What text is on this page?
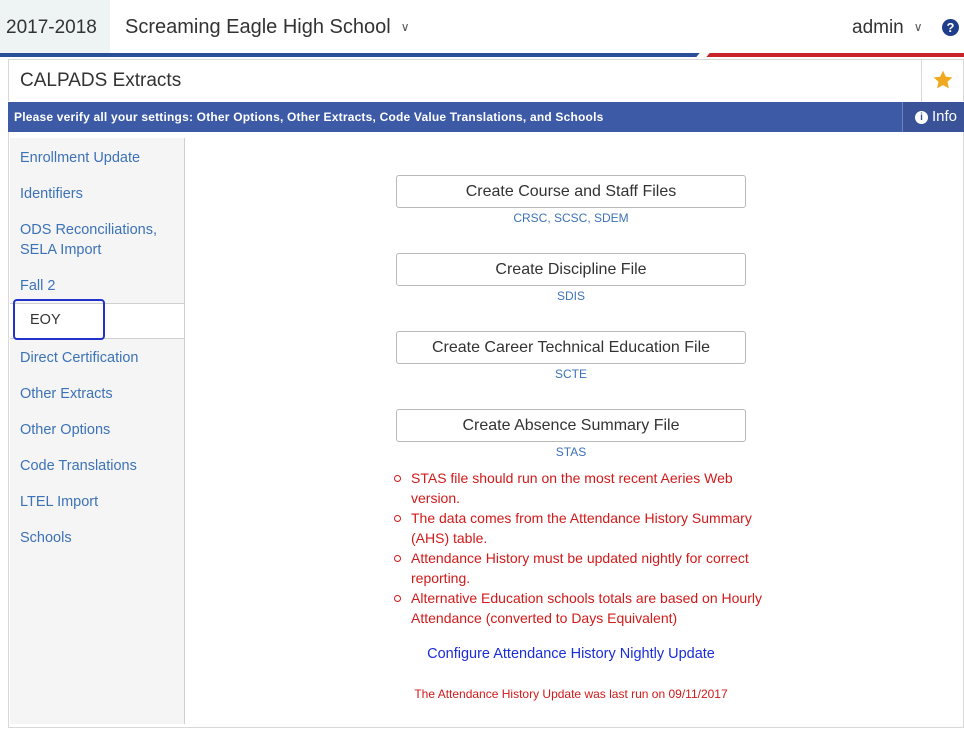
2017-2018	Screaming Eagle High School ∨	admin ∨	?
CALPADS Extracts
Please verify all your settings: Other Options, Other Extracts, Code Value Translations, and Schools	i Info
Enrollment Update
Identifiers
ODS Reconciliations,
SELA Import
Fall 2
EOY
Direct Certification
Other Extracts
Other Options
Code Translations
LTEL Import
Schools
Create Course and Staff Files
CRSC, SCSC, SDEM
Create Discipline File
SDIS
Create Career Technical Education File
SCTE
Create Absence Summary File
STAS
STAS file should run on the most recent Aeries Web version.
The data comes from the Attendance History Summary (AHS) table.
Attendance History must be updated nightly for correct reporting.
Alternative Education schools totals are based on Hourly Attendance (converted to Days Equivalent)
Configure Attendance History Nightly Update
The Attendance History Update was last run on 09/11/2017
